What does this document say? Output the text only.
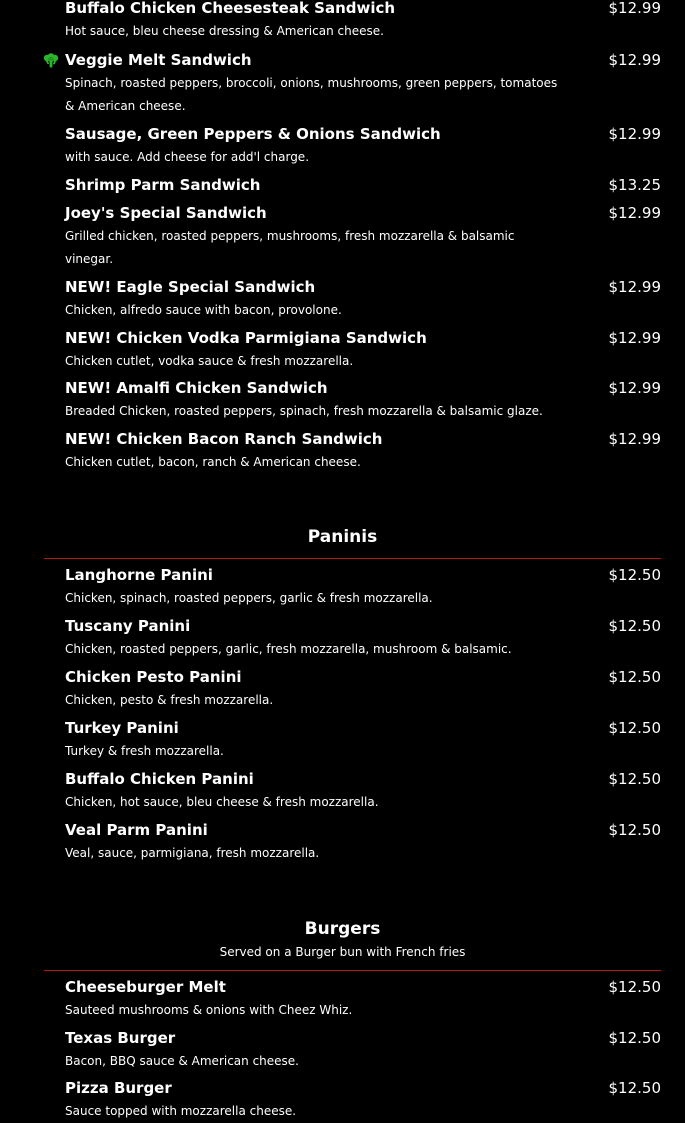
Buffalo Chicken Cheesesteak Sandwich	$12.99
Hot sauce, bleu cheese dressing & American cheese.
Veggie Melt Sandwich	$12.99
Spinach, roasted peppers, broccoli, onions, mushrooms, green peppers, tomatoes & American cheese.
Sausage, Green Peppers & Onions Sandwich	$12.99
with sauce. Add cheese for add'l charge.
Shrimp Parm Sandwich	$13.25
Joey's Special Sandwich	$12.99
Grilled chicken, roasted peppers, mushrooms, fresh mozzarella & balsamic vinegar.
NEW! Eagle Special Sandwich	$12.99
Chicken, alfredo sauce with bacon, provolone.
NEW! Chicken Vodka Parmigiana Sandwich	$12.99
Chicken cutlet, vodka sauce & fresh mozzarella.
NEW! Amalfi Chicken Sandwich	$12.99
Breaded Chicken, roasted peppers, spinach, fresh mozzarella & balsamic glaze.
NEW! Chicken Bacon Ranch Sandwich	$12.99
Chicken cutlet, bacon, ranch & American cheese.
Paninis
Langhorne Panini	$12.50
Chicken, spinach, roasted peppers, garlic & fresh mozzarella.
Tuscany Panini	$12.50
Chicken, roasted peppers, garlic, fresh mozzarella, mushroom & balsamic.
Chicken Pesto Panini	$12.50
Chicken, pesto & fresh mozzarella.
Turkey Panini	$12.50
Turkey & fresh mozzarella.
Buffalo Chicken Panini	$12.50
Chicken, hot sauce, bleu cheese & fresh mozzarella.
Veal Parm Panini	$12.50
Veal, sauce, parmigiana, fresh mozzarella.
Burgers
Served on a Burger bun with French fries
Cheeseburger Melt	$12.50
Sauteed mushrooms & onions with Cheez Whiz.
Texas Burger	$12.50
Bacon, BBQ sauce & American cheese.
Pizza Burger	$12.50
Sauce topped with mozzarella cheese.
